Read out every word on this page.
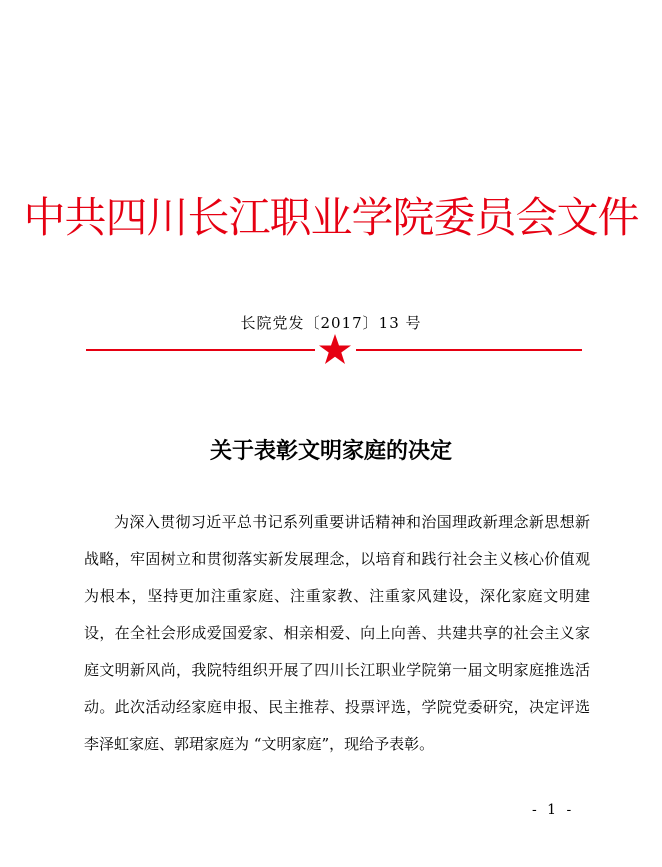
中共四川长江职业学院委员会文件
长院党发〔2017〕13 号
关于表彰文明家庭的决定

为深入贯彻习近平总书记系列重要讲话精神和治国理政新理念新思想新战略，牢固树立和贯彻落实新发展理念，以培育和践行社会主义核心价值观为根本，坚持更加注重家庭、注重家教、注重家风建设，深化家庭文明建设，在全社会形成爱国爱家、相亲相爱、向上向善、共建共享的社会主义家庭文明新风尚，我院特组织开展了四川长江职业学院第一届文明家庭推选活动。此次活动经家庭申报、民主推荐、投票评选，学院党委研究，决定评选李泽虹家庭、郭珺家庭为 “文明家庭”，现给予表彰。

- 1 -
